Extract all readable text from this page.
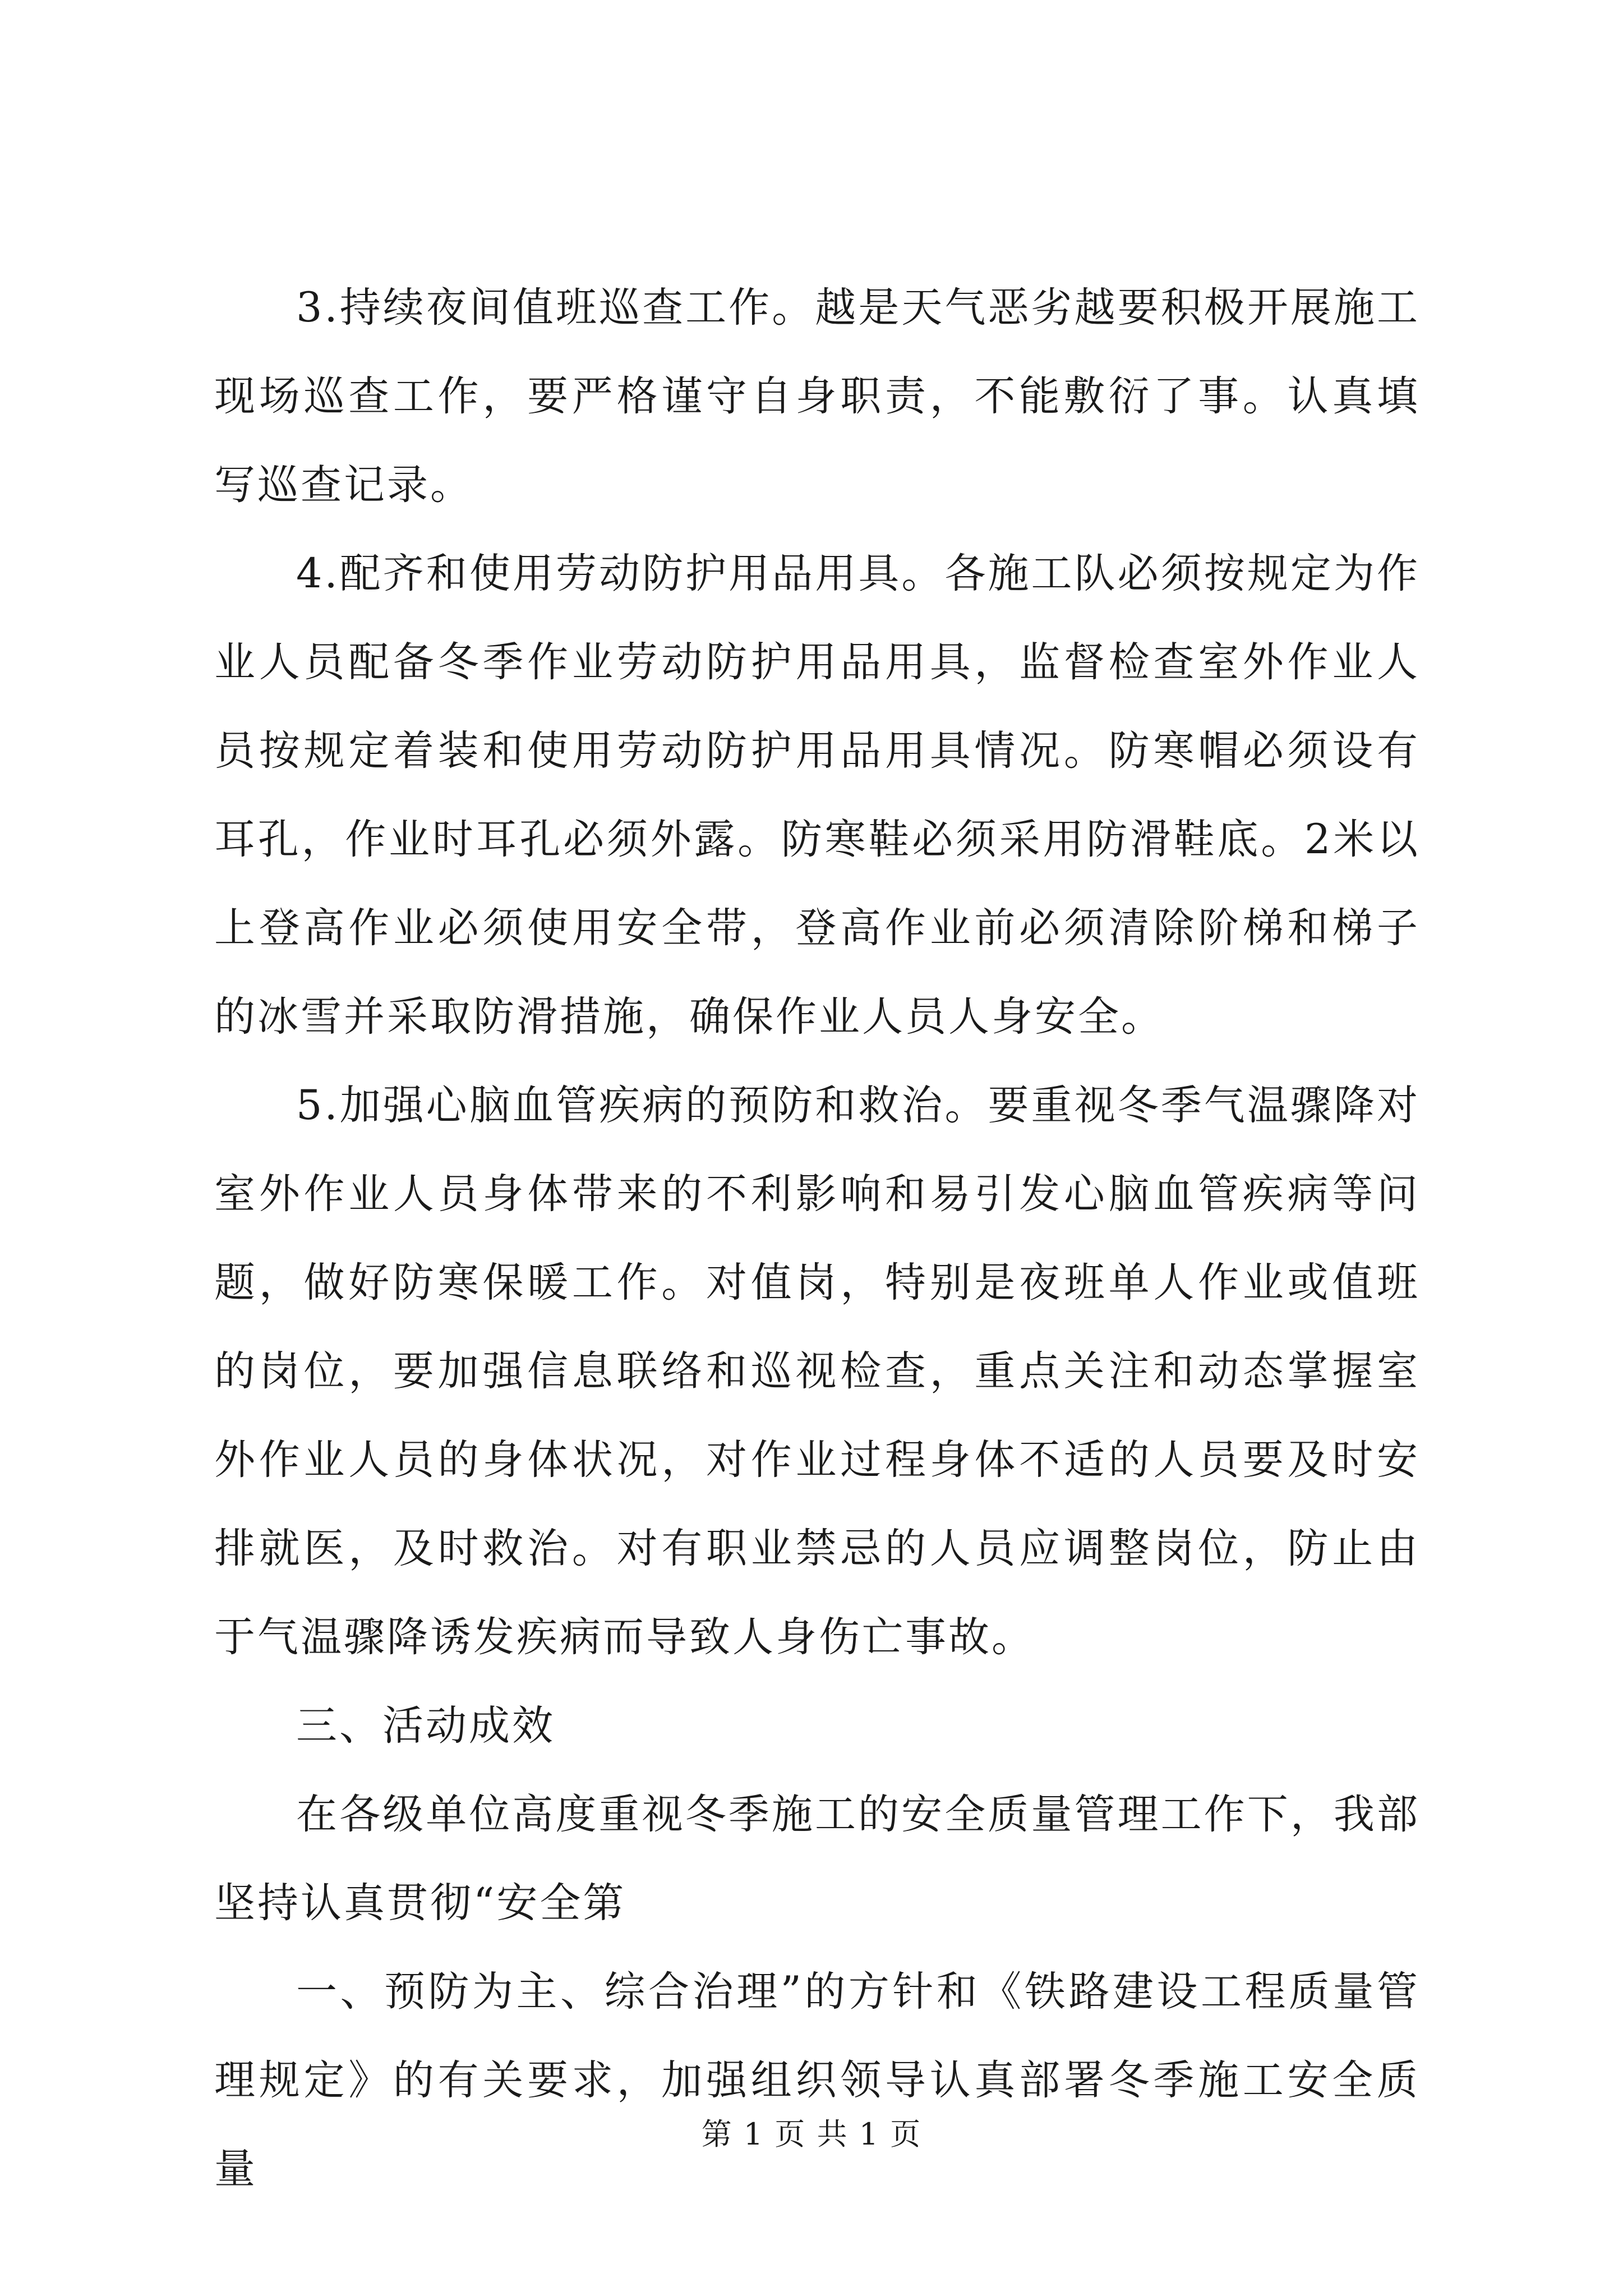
3.持续夜间值班巡查工作。越是天气恶劣越要积极开展施工现场巡查工作，要严格谨守自身职责，不能敷衍了事。认真填写巡查记录。

4.配齐和使用劳动防护用品用具。各施工队必须按规定为作业人员配备冬季作业劳动防护用品用具，监督检查室外作业人员按规定着装和使用劳动防护用品用具情况。防寒帽必须设有耳孔，作业时耳孔必须外露。防寒鞋必须采用防滑鞋底。2米以上登高作业必须使用安全带，登高作业前必须清除阶梯和梯子的冰雪并采取防滑措施，确保作业人员人身安全。

5.加强心脑血管疾病的预防和救治。要重视冬季气温骤降对室外作业人员身体带来的不利影响和易引发心脑血管疾病等问题，做好防寒保暖工作。对值岗，特别是夜班单人作业或值班的岗位，要加强信息联络和巡视检查，重点关注和动态掌握室外作业人员的身体状况，对作业过程身体不适的人员要及时安排就医，及时救治。对有职业禁忌的人员应调整岗位，防止由于气温骤降诱发疾病而导致人身伤亡事故。

三、活动成效

在各级单位高度重视冬季施工的安全质量管理工作下，我部坚持认真贯彻“安全第

一、预防为主、综合治理”的方针和《铁路建设工程质量管理规定》的有关要求，加强组织领导认真部署冬季施工安全质量

第 1 页 共 1 页
